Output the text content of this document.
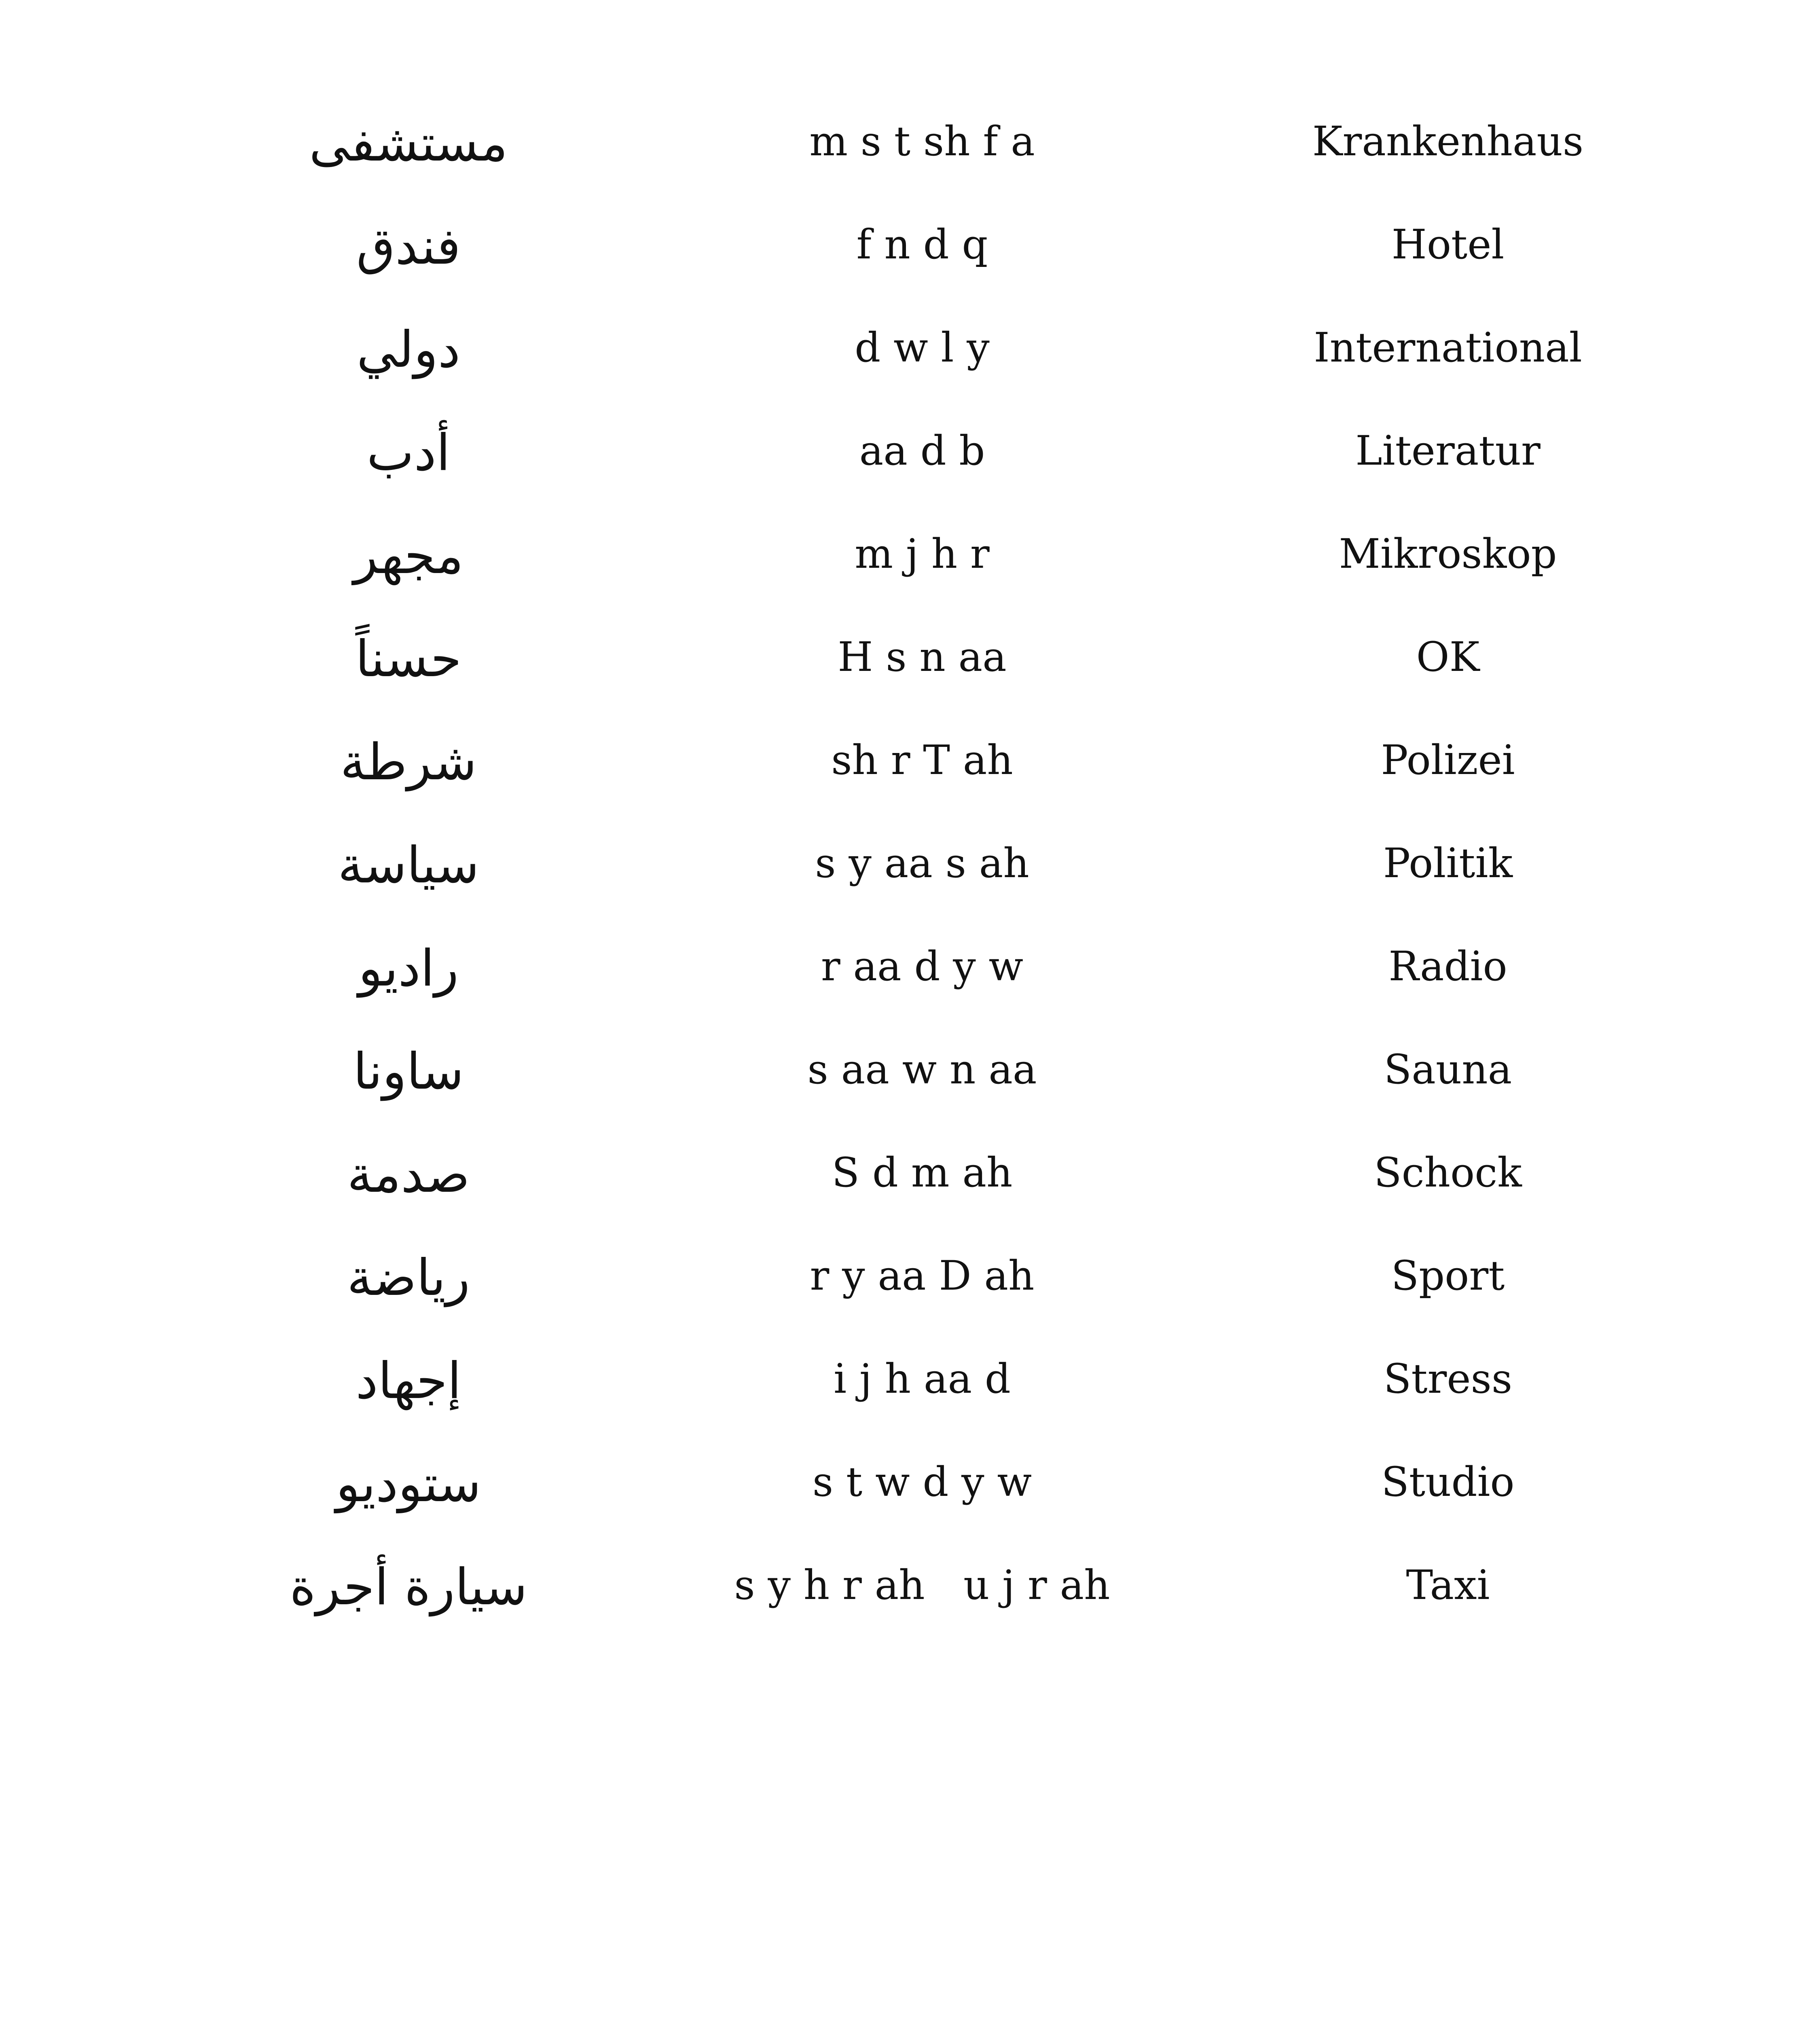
مستشفى	m s t sh f a	Krankenhaus
فندق	f n d q	Hotel
دولي	d w l y	International
أدب	aa d b	Literatur
مجهر	m j h r	Mikroskop
حسناً	H s n aa	OK
شرطة	sh r T ah	Polizei
سياسة	s y aa s ah	Politik
راديو	r aa d y w	Radio
ساونا	s aa w n aa	Sauna
صدمة	S d m ah	Schock
رياضة	r y aa D ah	Sport
إجهاد	i j h aa d	Stress
ستوديو	s t w d y w	Studio
سيارة أجرة	s y h r ah   u j r ah	Taxi
